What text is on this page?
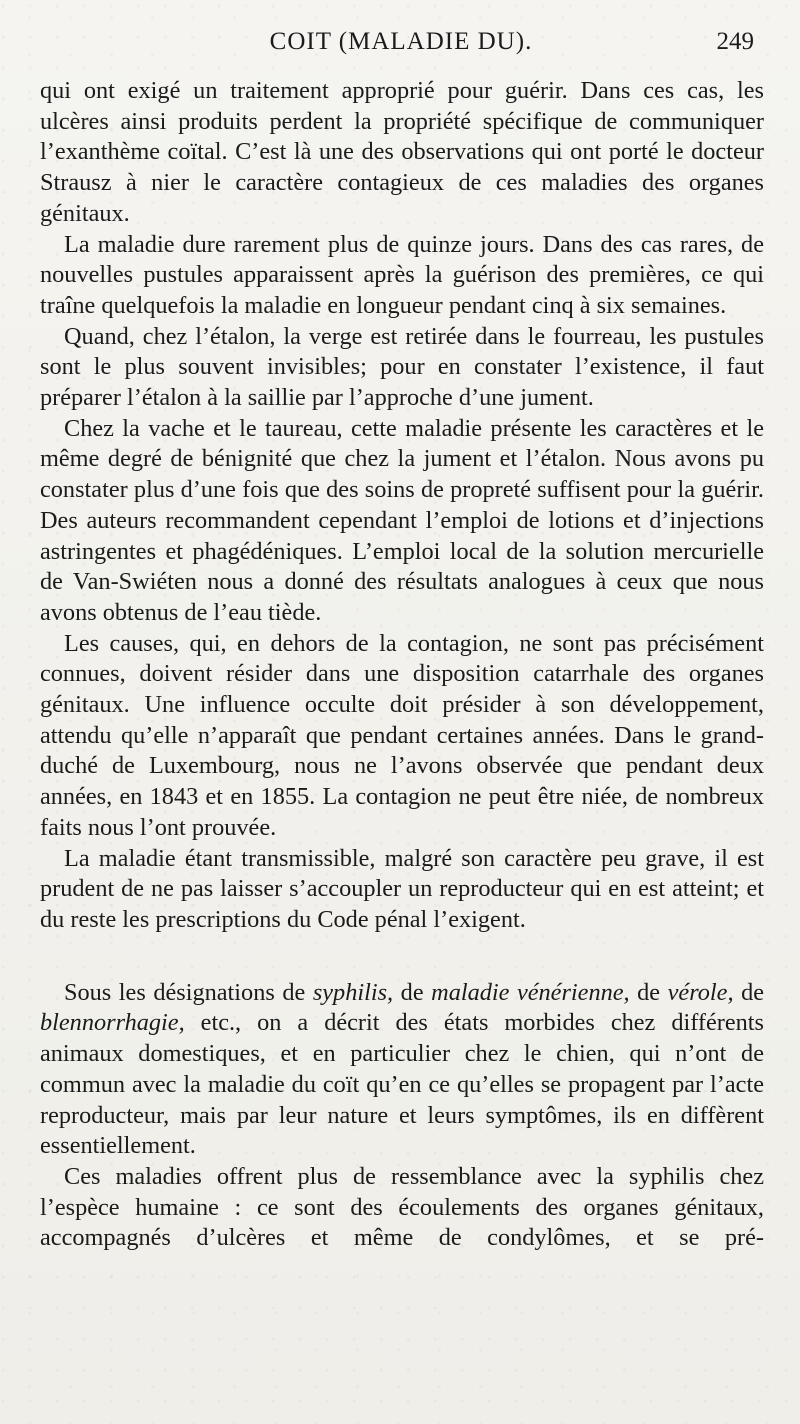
COIT (MALADIE DU).	249

qui ont exigé un traitement approprié pour guérir. Dans ces cas, les ulcères ainsi produits perdent la propriété spécifique de communiquer l’exanthème coïtal. C’est là une des observations qui ont porté le docteur Strausz à nier le caractère contagieux de ces maladies des organes génitaux.

La maladie dure rarement plus de quinze jours. Dans des cas rares, de nouvelles pustules apparaissent après la guérison des premières, ce qui traîne quelquefois la maladie en longueur pendant cinq à six semaines.

Quand, chez l’étalon, la verge est retirée dans le fourreau, les pustules sont le plus souvent invisibles; pour en constater l’existence, il faut préparer l’étalon à la saillie par l’approche d’une jument.

Chez la vache et le taureau, cette maladie présente les caractères et le même degré de bénignité que chez la jument et l’étalon. Nous avons pu constater plus d’une fois que des soins de propreté suffisent pour la guérir. Des auteurs recommandent cependant l’emploi de lotions et d’injections astringentes et phagédéniques. L’emploi local de la solution mercurielle de Van-Swiéten nous a donné des résultats analogues à ceux que nous avons obtenus de l’eau tiède.

Les causes, qui, en dehors de la contagion, ne sont pas précisément connues, doivent résider dans une disposition catarrhale des organes génitaux. Une influence occulte doit présider à son développement, attendu qu’elle n’apparaît que pendant certaines années. Dans le grand-duché de Luxembourg, nous ne l’avons observée que pendant deux années, en 1843 et en 1855. La contagion ne peut être niée, de nombreux faits nous l’ont prouvée.

La maladie étant transmissible, malgré son caractère peu grave, il est prudent de ne pas laisser s’accoupler un reproducteur qui en est atteint; et du reste les prescriptions du Code pénal l’exigent.

Sous les désignations de syphilis, de maladie vénérienne, de vérole, de blennorrhagie, etc., on a décrit des états morbides chez différents animaux domestiques, et en particulier chez le chien, qui n’ont de commun avec la maladie du coït qu’en ce qu’elles se propagent par l’acte reproducteur, mais par leur nature et leurs symptômes, ils en diffèrent essentiellement.

Ces maladies offrent plus de ressemblance avec la syphilis chez l’espèce humaine : ce sont des écoulements des organes génitaux, accompagnés d’ulcères et même de condylômes, et se pré-
